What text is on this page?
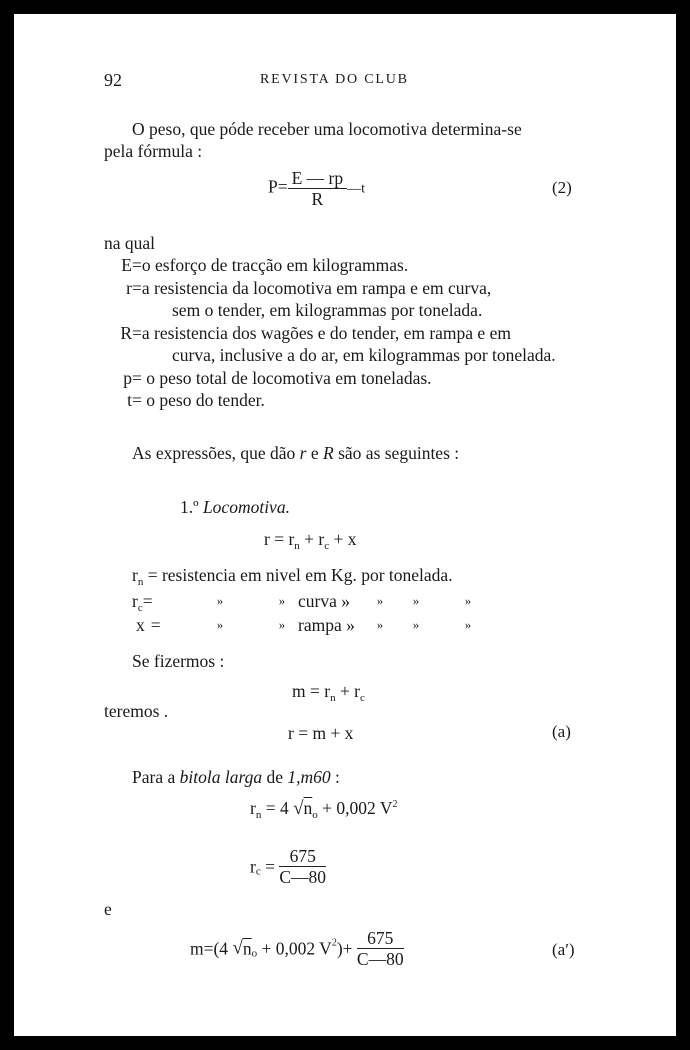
92	REVISTA DO CLUB
O peso, que póde receber uma locomotiva determina-se
pela fórmula :
$P= \frac{E — rp}{R}$ —t	(2)
na qual
E=o esforço de tracção em kilogrammas.
r=a resistencia da locomotiva em rampa e em curva,
sem o tender, em kilogrammas por tonelada.
R=a resistencia dos wagões e do tender, em rampa e em
curva, inclusive a do ar, em kilogrammas por tonelada.
p= o peso total de locomotiva em toneladas.
t= o peso do tender.
As expressões, que dão r e R são as seguintes :
1.º Locomotiva.
$r = r_n + r_c + x$
$r_n$ = resistencia em nivel em Kg. por tonelada.
$r_c=$	»	» curva »	»	»	»
x =	»	» rampa »	»	»	»
Se fizermos :
$m = r_n + r_c$
teremos .
r = m + x	(a)
Para a bitola larga de 1,m60 :
$r_n = 4$ $√n_o + 0,002$ $V^2$
$r_c = \frac{675}{C—80}$
e
m=(4 $√n_o + 0,002$ $V^2)+ \frac{675}{C—80}$	(a′)
